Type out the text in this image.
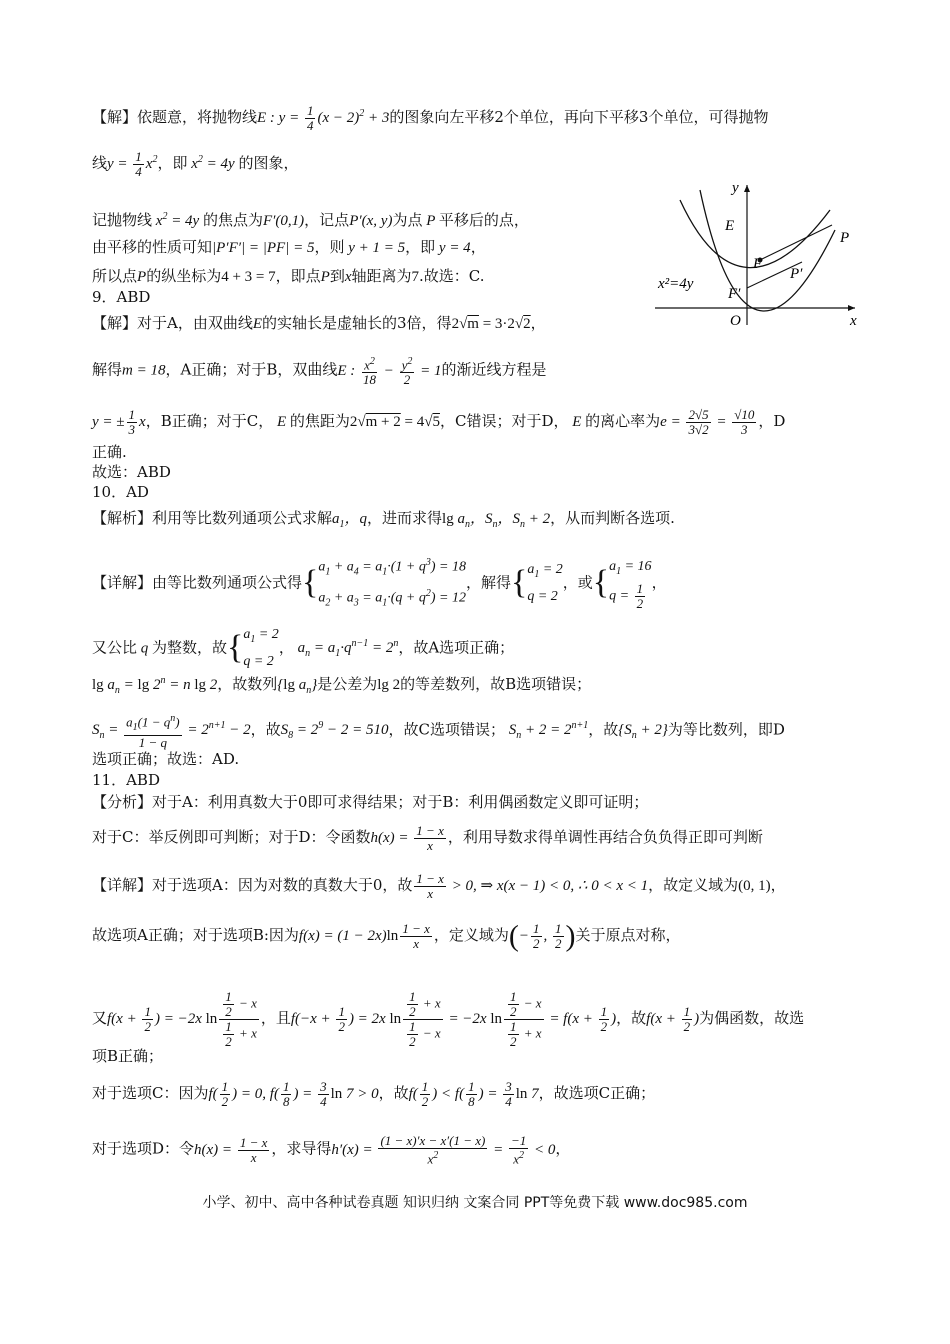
【解】依题意，将抛物线E : $y = \frac{1}{4} (x - 2)^2 + 3$的图象向左平移2个单位，再向下平移3个单位，可得抛物
线$y = \frac{1}{4} x^2$，即 $x^2 = 4y$ 的图象，
记抛物线 $x^2 = 4y$ 的焦点为F′(0,1)，记点P′(x, y)为点 P 平移后的点，
由平移的性质可知|P′F′| = |PF| = 5，则 y + 1 = 5，即 y = 4，
所以点P的纵坐标为4 + 3 = 7，即点P到x轴距离为7.故选：C.
9．ABD
【解】对于A，由双曲线E的实轴长是虚轴长的3倍，得2√m = 3·2√2，
解得m = 18，A正确；对于B，双曲线E : $\frac{x^2}{18} - \frac{y^2}{2} = 1$的渐近线方程是
y = ± $\frac{1}{3}$ x，B正确；对于C， E 的焦距为2√m + 2 = 4√5，C错误；对于D， E 的离心率为$e = \frac{2√5}{3√2} = \frac{√10}{3}$ ，D
正确.
故选：ABD
10．AD
【解析】利用等比数列通项公式求解$a_1$，q，进而求得$\lg a_n$，$S_n$，$S_n + 2$，从而判断各选项.
【详解】由等比数列通项公式得 { $a_1 + a_4 = a_1\cdot(1 + q^3) = 18$
$a_2 + a_3 = a_1\cdot(q + q^2) = 12$
，解得 { $a_1 = 2$
q = 2
，或 { $a_1 = 16$
$q = \frac{1}{2}$ ，
又公比 q 为整数，故 { $a_1 = 2$
q = 2
， $a_n = a_1\cdot q^{n-1} = 2^n$，故A选项正确；
$\lg a_n = \lg 2^n = n$ lg 2，故数列{lg $a_n$}是公差为lg 2的等差数列，故B选项错误；
$S_n = \frac{a_1(1 - q^n)}{1 - q} = 2^{n+1} - 2$，故$S_8 = 2^9 - 2 = 510$，故C选项错误； $S_n + 2 = 2^{n+1}$，故$\{S_n + 2\}$为等比数列，即D
选项正确；故选：AD.
11．ABD
【分析】对于A：利用真数大于0即可求得结果；对于B：利用偶函数定义即可证明；
对于C：举反例即可判断；对于D：令函数$h(x) = \frac{1 - x}{x}$ ，利用导数求得单调性再结合负负得正即可判断
【详解】对于选项A：因为对数的真数大于0，故 $\frac{1 - x}{x} > 0$, ⇒ x(x − 1) < 0, ∴ 0 < x < 1，故定义域为(0, 1)，
故选项A正确；对于选项B:因为$f(x) = (1 - 2x)\ln \frac{1 - x}{x}$ ，定义域为(− $\frac{1}{2}$ , $\frac{1}{2}$ )关于原点对称，
又$f(x + \frac{1}{2}$ ) = −2x $\ln \frac{\frac{1}{2} - x}{\frac{1}{2} + x}$ ，且$f(-x + \frac{1}{2}$ ) = 2x $\ln \frac{\frac{1}{2} + x}{\frac{1}{2} - x} = -2x$ $\ln \frac{\frac{1}{2} - x}{\frac{1}{2} + x} = f(x + \frac{1}{2}$ )，故$f(x + \frac{1}{2}$ )为偶函数，故选
项B正确；
对于选项C：因为$f( \frac{1}{2}$ ) = 0, $f( \frac{1}{8}$ ) = $\frac{3}{4}$ ln 7 > 0，故$f( \frac{1}{2}$ ) < $f( \frac{1}{8}$ ) = $\frac{3}{4}$ ln 7，故选项C正确；
对于选项D：令$h(x) = \frac{1 - x}{x}$ ，求导得$h'(x) = \frac{(1 - x)'x - x'(1 - x)}{x^2} = \frac{-1}{x^2} < 0$，
y
E
F
P
P′
F′
O	x
x²=4y
小学、初中、高中各种试卷真题 知识归纳 文案合同 PPT等免费下载 www.doc985.com
